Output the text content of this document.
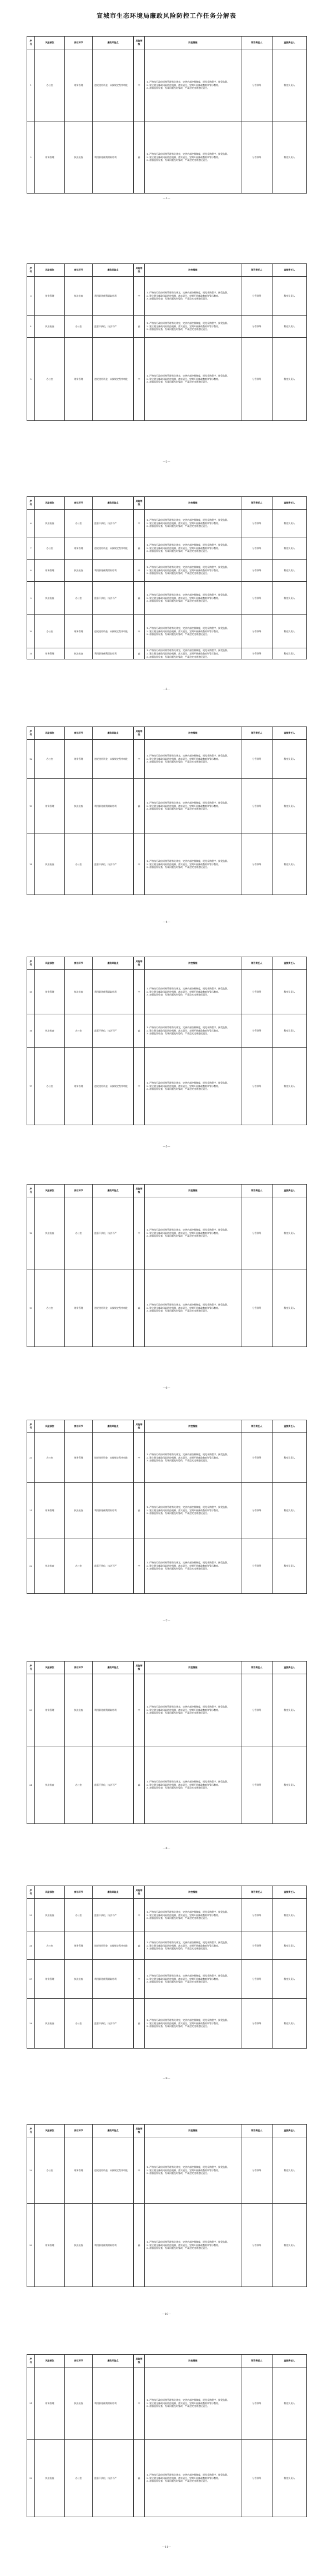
宣城市生态环境局廉政风险防控工作任务分解表
序号	风险部位	岗位环节	廉政风险点	风险等级	防控措施	领导责任人	直接责任人
1	办公室	财务管理	违规使用资金，未按规定程序审批	中	1. 严格执行政府采购管理有关规定，完善内部控制制度，规范采购程序，接受监督。
2. 建立健全廉政风险防控机制，落实责任，定期开展廉政教育和警示教育。
3. 加强监督检查，发现问题及时整改，严肃追究违规违纪责任。	分管领导	科室负责人
2	财务管理	执法检查	利用职务便利谋取私利	高	1. 严格执行政府采购管理有关规定，完善内部控制制度，规范采购程序，接受监督。
2. 建立健全廉政风险防控机制，落实责任，定期开展廉政教育和警示教育。
3. 加强监督检查，发现问题及时整改，严肃追究违规违纪责任。	分管领导	科室负责人
—1—
序号	风险部位	岗位环节	廉政风险点	风险等级	防控措施	领导责任人	直接责任人
3	财务管理	执法检查	利用职务便利谋取私利	中	1. 严格执行政府采购管理有关规定，完善内部控制制度，规范采购程序，接受监督。
2. 建立健全廉政风险防控机制，落实责任，定期开展廉政教育和警示教育。
3. 加强监督检查，发现问题及时整改，严肃追究违规违纪责任。	分管领导	科室负责人
4	执法检查	办公室	监管不到位，执法不严	高	1. 严格执行政府采购管理有关规定，完善内部控制制度，规范采购程序，接受监督。
2. 建立健全廉政风险防控机制，落实责任，定期开展廉政教育和警示教育。
3. 加强监督检查，发现问题及时整改，严肃追究违规违纪责任。	分管领导	科室负责人
5	办公室	财务管理	违规使用资金，未按规定程序审批	中	1. 严格执行政府采购管理有关规定，完善内部控制制度，规范采购程序，接受监督。
2. 建立健全廉政风险防控机制，落实责任，定期开展廉政教育和警示教育。
3. 加强监督检查，发现问题及时整改，严肃追究违规违纪责任。	分管领导	科室负责人
—2—
序号	风险部位	岗位环节	廉政风险点	风险等级	防控措施	领导责任人	直接责任人
6	执法检查	办公室	监管不到位，执法不严	中	1. 严格执行政府采购管理有关规定，完善内部控制制度，规范采购程序，接受监督。
2. 建立健全廉政风险防控机制，落实责任，定期开展廉政教育和警示教育。
3. 加强监督检查，发现问题及时整改，严肃追究违规违纪责任。	分管领导	科室负责人
7	办公室	财务管理	违规使用资金，未按规定程序审批	高	1. 严格执行政府采购管理有关规定，完善内部控制制度，规范采购程序，接受监督。
2. 建立健全廉政风险防控机制，落实责任，定期开展廉政教育和警示教育。
3. 加强监督检查，发现问题及时整改，严肃追究违规违纪责任。	分管领导	科室负责人
8	财务管理	执法检查	利用职务便利谋取私利	中	1. 严格执行政府采购管理有关规定，完善内部控制制度，规范采购程序，接受监督。
2. 建立健全廉政风险防控机制，落实责任，定期开展廉政教育和警示教育。
3. 加强监督检查，发现问题及时整改，严肃追究违规违纪责任。	分管领导	科室负责人
9	执法检查	办公室	监管不到位，执法不严	高	1. 严格执行政府采购管理有关规定，完善内部控制制度，规范采购程序，接受监督。
2. 建立健全廉政风险防控机制，落实责任，定期开展廉政教育和警示教育。
3. 加强监督检查，发现问题及时整改，严肃追究违规违纪责任。	分管领导	科室负责人
10	办公室	财务管理	违规使用资金，未按规定程序审批	中	1. 严格执行政府采购管理有关规定，完善内部控制制度，规范采购程序，接受监督。
2. 建立健全廉政风险防控机制，落实责任，定期开展廉政教育和警示教育。
3. 加强监督检查，发现问题及时整改，严肃追究违规违纪责任。	分管领导	科室负责人
11	财务管理	执法检查	利用职务便利谋取私利	高	1. 严格执行政府采购管理有关规定，完善内部控制制度，规范采购程序，接受监督。
2. 建立健全廉政风险防控机制，落实责任，定期开展廉政教育和警示教育。
3. 加强监督检查，发现问题及时整改，严肃追究违规违纪责任。	分管领导	科室负责人
—3—
序号	风险部位	岗位环节	廉政风险点	风险等级	防控措施	领导责任人	直接责任人
12	办公室	财务管理	违规使用资金，未按规定程序审批	中	1. 严格执行政府采购管理有关规定，完善内部控制制度，规范采购程序，接受监督。
2. 建立健全廉政风险防控机制，落实责任，定期开展廉政教育和警示教育。
3. 加强监督检查，发现问题及时整改，严肃追究违规违纪责任。	分管领导	科室负责人
13	财务管理	执法检查	利用职务便利谋取私利	高	1. 严格执行政府采购管理有关规定，完善内部控制制度，规范采购程序，接受监督。
2. 建立健全廉政风险防控机制，落实责任，定期开展廉政教育和警示教育。
3. 加强监督检查，发现问题及时整改，严肃追究违规违纪责任。	分管领导	科室负责人
14	执法检查	办公室	监管不到位，执法不严	中	1. 严格执行政府采购管理有关规定，完善内部控制制度，规范采购程序，接受监督。
2. 建立健全廉政风险防控机制，落实责任，定期开展廉政教育和警示教育。
3. 加强监督检查，发现问题及时整改，严肃追究违规违纪责任。	分管领导	科室负责人
—4—
序号	风险部位	岗位环节	廉政风险点	风险等级	防控措施	领导责任人	直接责任人
15	财务管理	执法检查	利用职务便利谋取私利	中	1. 严格执行政府采购管理有关规定，完善内部控制制度，规范采购程序，接受监督。
2. 建立健全廉政风险防控机制，落实责任，定期开展廉政教育和警示教育。
3. 加强监督检查，发现问题及时整改，严肃追究违规违纪责任。	分管领导	科室负责人
16	执法检查	办公室	监管不到位，执法不严	高	1. 严格执行政府采购管理有关规定，完善内部控制制度，规范采购程序，接受监督。
2. 建立健全廉政风险防控机制，落实责任，定期开展廉政教育和警示教育。
3. 加强监督检查，发现问题及时整改，严肃追究违规违纪责任。	分管领导	科室负责人
17	办公室	财务管理	违规使用资金，未按规定程序审批	中	1. 严格执行政府采购管理有关规定，完善内部控制制度，规范采购程序，接受监督。
2. 建立健全廉政风险防控机制，落实责任，定期开展廉政教育和警示教育。
3. 加强监督检查，发现问题及时整改，严肃追究违规违纪责任。	分管领导	科室负责人
—5—
序号	风险部位	岗位环节	廉政风险点	风险等级	防控措施	领导责任人	直接责任人
18	执法检查	办公室	监管不到位，执法不严	中	1. 严格执行政府采购管理有关规定，完善内部控制制度，规范采购程序，接受监督。
2. 建立健全廉政风险防控机制，落实责任，定期开展廉政教育和警示教育。
3. 加强监督检查，发现问题及时整改，严肃追究违规违纪责任。	分管领导	科室负责人
19	办公室	财务管理	违规使用资金，未按规定程序审批	高	1. 严格执行政府采购管理有关规定，完善内部控制制度，规范采购程序，接受监督。
2. 建立健全廉政风险防控机制，落实责任，定期开展廉政教育和警示教育。
3. 加强监督检查，发现问题及时整改，严肃追究违规违纪责任。	分管领导	科室负责人
—6—
序号	风险部位	岗位环节	廉政风险点	风险等级	防控措施	领导责任人	直接责任人
20	办公室	财务管理	违规使用资金，未按规定程序审批	中	1. 严格执行政府采购管理有关规定，完善内部控制制度，规范采购程序，接受监督。
2. 建立健全廉政风险防控机制，落实责任，定期开展廉政教育和警示教育。
3. 加强监督检查，发现问题及时整改，严肃追究违规违纪责任。	分管领导	科室负责人
21	财务管理	执法检查	利用职务便利谋取私利	高	1. 严格执行政府采购管理有关规定，完善内部控制制度，规范采购程序，接受监督。
2. 建立健全廉政风险防控机制，落实责任，定期开展廉政教育和警示教育。
3. 加强监督检查，发现问题及时整改，严肃追究违规违纪责任。	分管领导	科室负责人
22	执法检查	办公室	监管不到位，执法不严	中	1. 严格执行政府采购管理有关规定，完善内部控制制度，规范采购程序，接受监督。
2. 建立健全廉政风险防控机制，落实责任，定期开展廉政教育和警示教育。
3. 加强监督检查，发现问题及时整改，严肃追究违规违纪责任。	分管领导	科室负责人
—7—
序号	风险部位	岗位环节	廉政风险点	风险等级	防控措施	领导责任人	直接责任人
23	财务管理	执法检查	利用职务便利谋取私利	中	1. 严格执行政府采购管理有关规定，完善内部控制制度，规范采购程序，接受监督。
2. 建立健全廉政风险防控机制，落实责任，定期开展廉政教育和警示教育。
3. 加强监督检查，发现问题及时整改，严肃追究违规违纪责任。	分管领导	科室负责人
24	执法检查	办公室	监管不到位，执法不严	高	1. 严格执行政府采购管理有关规定，完善内部控制制度，规范采购程序，接受监督。
2. 建立健全廉政风险防控机制，落实责任，定期开展廉政教育和警示教育。
3. 加强监督检查，发现问题及时整改，严肃追究违规违纪责任。	分管领导	科室负责人
—8—
序号	风险部位	岗位环节	廉政风险点	风险等级	防控措施	领导责任人	直接责任人
25	执法检查	办公室	监管不到位，执法不严	中	1. 严格执行政府采购管理有关规定，完善内部控制制度，规范采购程序，接受监督。
2. 建立健全廉政风险防控机制，落实责任，定期开展廉政教育和警示教育。
3. 加强监督检查，发现问题及时整改，严肃追究违规违纪责任。	分管领导	科室负责人
26	办公室	财务管理	违规使用资金，未按规定程序审批	高	1. 严格执行政府采购管理有关规定，完善内部控制制度，规范采购程序，接受监督。
2. 建立健全廉政风险防控机制，落实责任，定期开展廉政教育和警示教育。
3. 加强监督检查，发现问题及时整改，严肃追究违规违纪责任。	分管领导	科室负责人
27	财务管理	执法检查	利用职务便利谋取私利	中	1. 严格执行政府采购管理有关规定，完善内部控制制度，规范采购程序，接受监督。
2. 建立健全廉政风险防控机制，落实责任，定期开展廉政教育和警示教育。
3. 加强监督检查，发现问题及时整改，严肃追究违规违纪责任。	分管领导	科室负责人
28	执法检查	办公室	监管不到位，执法不严	高	1. 严格执行政府采购管理有关规定，完善内部控制制度，规范采购程序，接受监督。
2. 建立健全廉政风险防控机制，落实责任，定期开展廉政教育和警示教育。
3. 加强监督检查，发现问题及时整改，严肃追究违规违纪责任。	分管领导	科室负责人
—9—
序号	风险部位	岗位环节	廉政风险点	风险等级	防控措施	领导责任人	直接责任人
29	办公室	财务管理	违规使用资金，未按规定程序审批	中	1. 严格执行政府采购管理有关规定，完善内部控制制度，规范采购程序，接受监督。
2. 建立健全廉政风险防控机制，落实责任，定期开展廉政教育和警示教育。
3. 加强监督检查，发现问题及时整改，严肃追究违规违纪责任。	分管领导	科室负责人
30	财务管理	执法检查	利用职务便利谋取私利	高	1. 严格执行政府采购管理有关规定，完善内部控制制度，规范采购程序，接受监督。
2. 建立健全廉政风险防控机制，落实责任，定期开展廉政教育和警示教育。
3. 加强监督检查，发现问题及时整改，严肃追究违规违纪责任。	分管领导	科室负责人
—10—
序号	风险部位	岗位环节	廉政风险点	风险等级	防控措施	领导责任人	直接责任人
31	财务管理	执法检查	利用职务便利谋取私利	中	1. 严格执行政府采购管理有关规定，完善内部控制制度，规范采购程序，接受监督。
2. 建立健全廉政风险防控机制，落实责任，定期开展廉政教育和警示教育。
3. 加强监督检查，发现问题及时整改，严肃追究违规违纪责任。	分管领导	科室负责人
32	执法检查	办公室	监管不到位，执法不严	高	1. 严格执行政府采购管理有关规定，完善内部控制制度，规范采购程序，接受监督。
2. 建立健全廉政风险防控机制，落实责任，定期开展廉政教育和警示教育。
3. 加强监督检查，发现问题及时整改，严肃追究违规违纪责任。	分管领导	科室负责人
—11—
